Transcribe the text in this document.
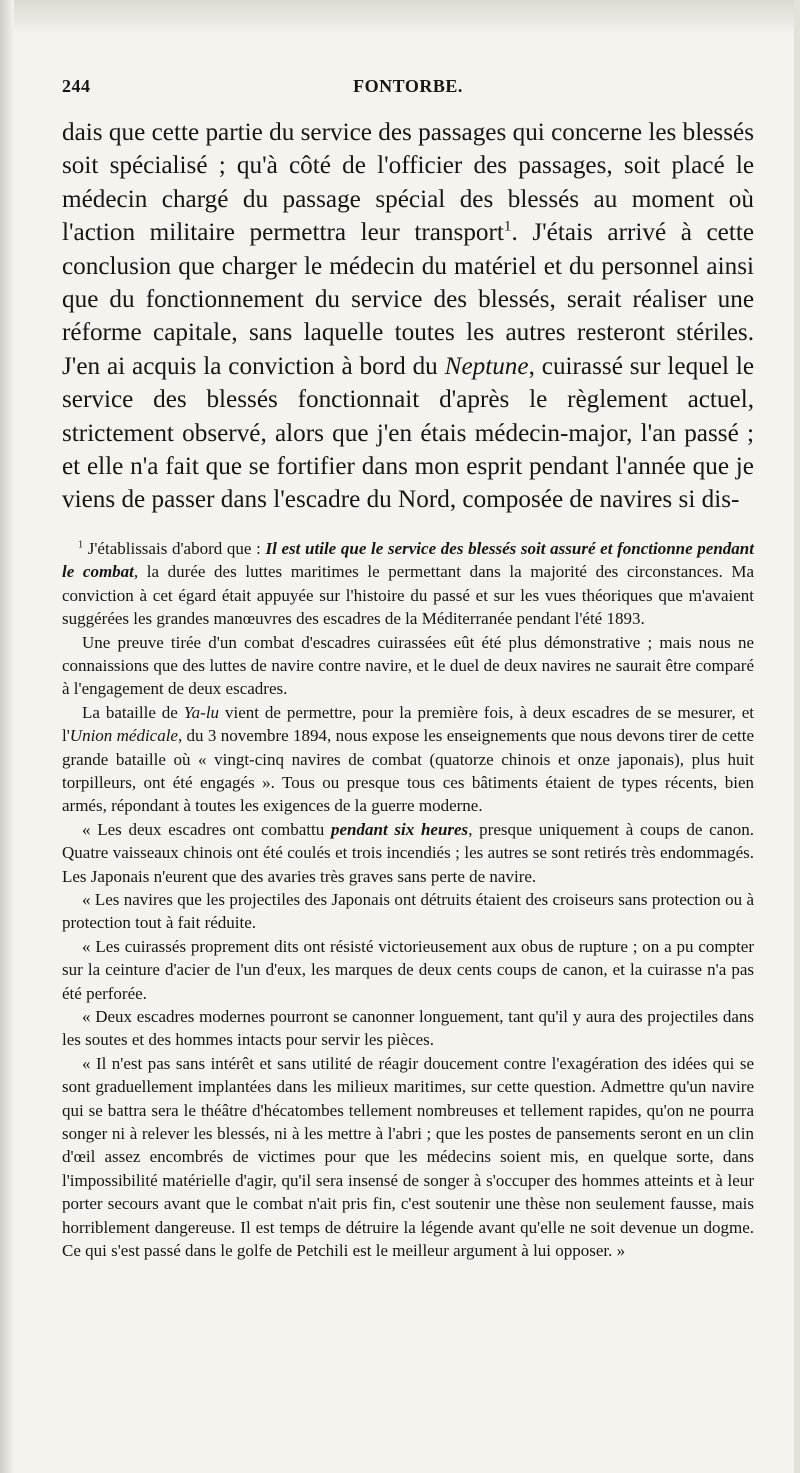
244	FONTORBE.

dais que cette partie du service des passages qui concerne les blessés soit spécialisé ; qu'à côté de l'officier des passages, soit placé le médecin chargé du passage spécial des blessés au moment où l'action militaire permettra leur transport$^1$. J'étais arrivé à cette conclusion que charger le médecin du matériel et du personnel ainsi que du fonctionnement du service des blessés, serait réaliser une réforme capitale, sans laquelle toutes les autres resteront stériles. J'en ai acquis la conviction à bord du Neptune, cuirassé sur lequel le service des blessés fonctionnait d'après le règlement actuel, strictement observé, alors que j'en étais médecin-major, l'an passé ; et elle n'a fait que se fortifier dans mon esprit pendant l'année que je viens de passer dans l'escadre du Nord, composée de navires si dis-

$^1$ J'établissais d'abord que : Il est utile que le service des blessés soit assuré et fonctionne pendant le combat, la durée des luttes maritimes le permettant dans la majorité des circonstances. Ma conviction à cet égard était appuyée sur l'histoire du passé et sur les vues théoriques que m'avaient suggérées les grandes manœuvres des escadres de la Méditerranée pendant l'été 1893.

Une preuve tirée d'un combat d'escadres cuirassées eût été plus démonstrative ; mais nous ne connaissions que des luttes de navire contre navire, et le duel de deux navires ne saurait être comparé à l'engagement de deux escadres.

La bataille de Ya-lu vient de permettre, pour la première fois, à deux escadres de se mesurer, et l'Union médicale, du 3 novembre 1894, nous expose les enseignements que nous devons tirer de cette grande bataille où « vingt-cinq navires de combat (quatorze chinois et onze japonais), plus huit torpilleurs, ont été engagés ». Tous ou presque tous ces bâtiments étaient de types récents, bien armés, répondant à toutes les exigences de la guerre moderne.

« Les deux escadres ont combattu pendant six heures, presque uniquement à coups de canon. Quatre vaisseaux chinois ont été coulés et trois incendiés ; les autres se sont retirés très endommagés. Les Japonais n'eurent que des avaries très graves sans perte de navire.

« Les navires que les projectiles des Japonais ont détruits étaient des croiseurs sans protection ou à protection tout à fait réduite.

« Les cuirassés proprement dits ont résisté victorieusement aux obus de rupture ; on a pu compter sur la ceinture d'acier de l'un d'eux, les marques de deux cents coups de canon, et la cuirasse n'a pas été perforée.

« Deux escadres modernes pourront se canonner longuement, tant qu'il y aura des projectiles dans les soutes et des hommes intacts pour servir les pièces.

« Il n'est pas sans intérêt et sans utilité de réagir doucement contre l'exagération des idées qui se sont graduellement implantées dans les milieux maritimes, sur cette question. Admettre qu'un navire qui se battra sera le théâtre d'hécatombes tellement nombreuses et tellement rapides, qu'on ne pourra songer ni à relever les blessés, ni à les mettre à l'abri ; que les postes de pansements seront en un clin d'œil assez encombrés de victimes pour que les médecins soient mis, en quelque sorte, dans l'impossibilité matérielle d'agir, qu'il sera insensé de songer à s'occuper des hommes atteints et à leur porter secours avant que le combat n'ait pris fin, c'est soutenir une thèse non seulement fausse, mais horriblement dangereuse. Il est temps de détruire la légende avant qu'elle ne soit devenue un dogme. Ce qui s'est passé dans le golfe de Petchili est le meilleur argument à lui opposer. »
